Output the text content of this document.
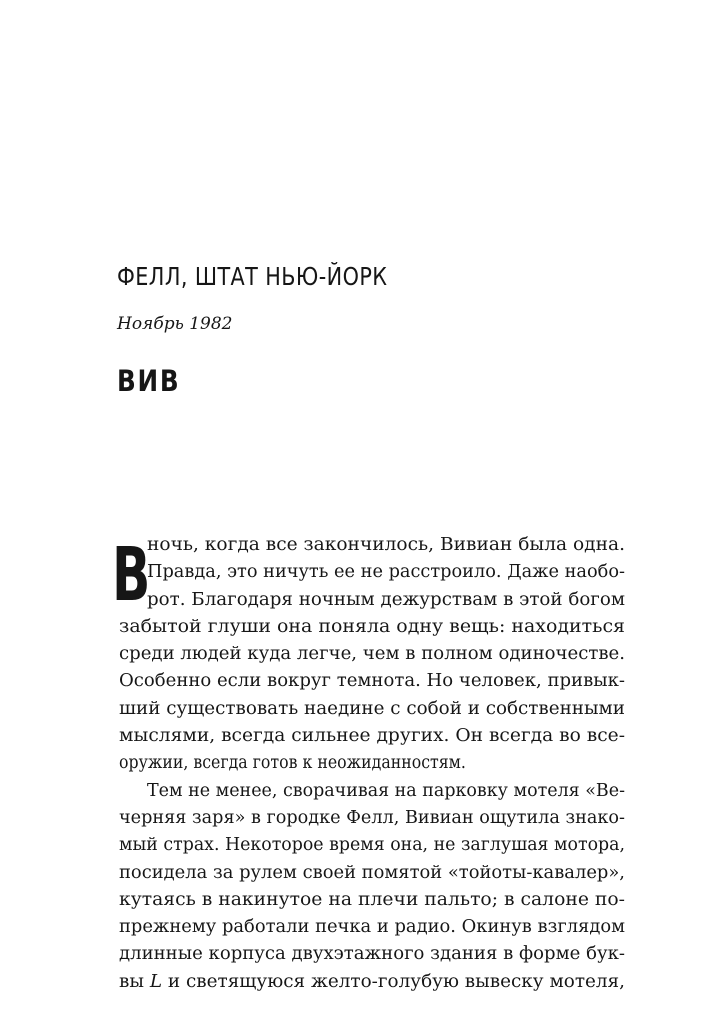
ФЕЛЛ, ШТАТ НЬЮ-ЙОРК
Ноябрь 1982
ВИВ
В
ночь, когда все закончилось, Вивиан была одна.
Правда, это ничуть ее не расстроило. Даже наобо-
рот. Благодаря ночным дежурствам в этой богом
забытой глуши она поняла одну вещь: находиться
среди людей куда легче, чем в полном одиночестве.
Особенно если вокруг темнота. Но человек, привык-
ший существовать наедине с собой и собственными
мыслями, всегда сильнее других. Он всегда во все-
оружии, всегда готов к неожиданностям.
Тем не менее, сворачивая на парковку мотеля «Ве-
черняя заря» в городке Фелл, Вивиан ощутила знако-
мый страх. Некоторое время она, не заглушая мотора,
посидела за рулем своей помятой «тойоты-кавалер»,
кутаясь в накинутое на плечи пальто; в салоне по-
прежнему работали печка и радио. Окинув взглядом
длинные корпуса двухэтажного здания в форме бук-
вы L и светящуюся желто-голубую вывеску мотеля,
